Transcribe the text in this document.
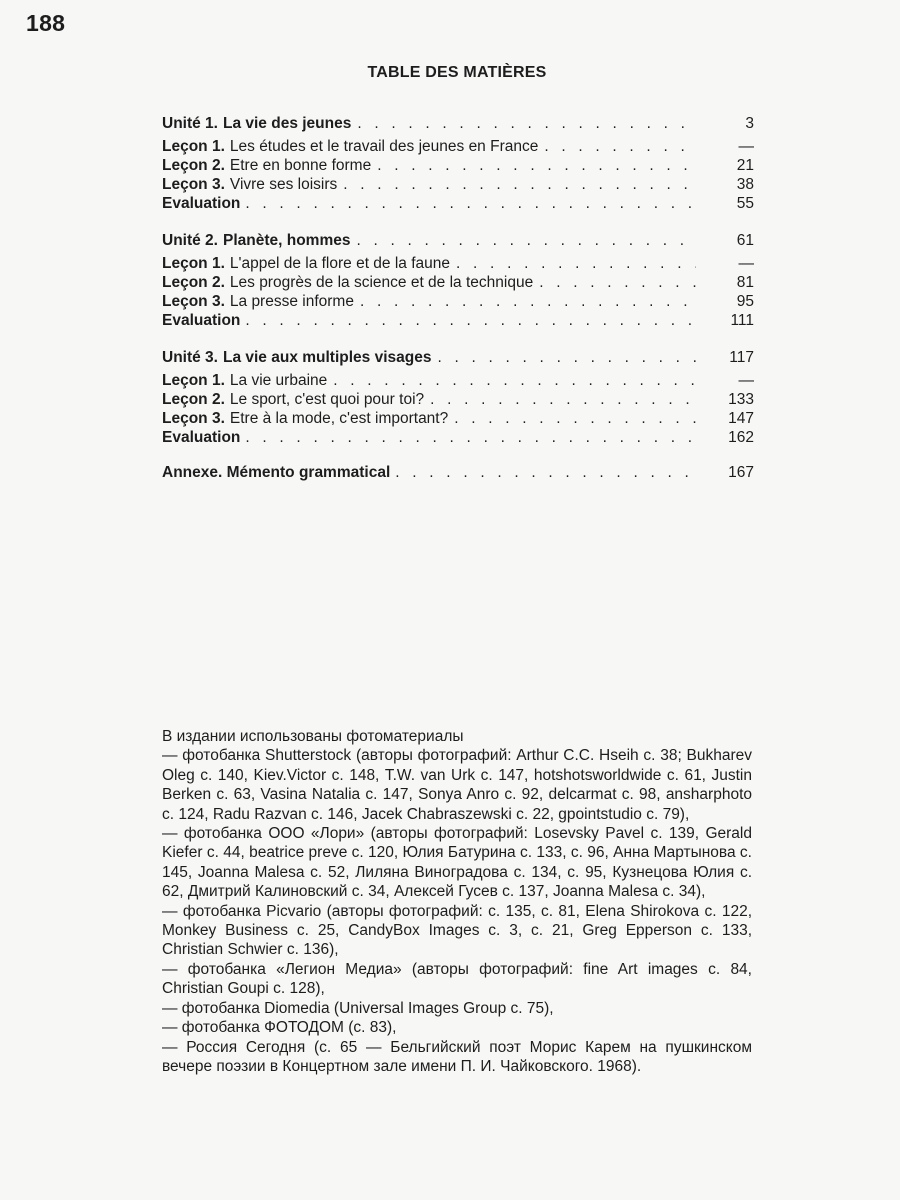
188
TABLE DES MATIÈRES
Unité 1. La vie des jeunes . . .	3
Leçon 1. Les études et le travail des jeunes en France . . .	—
Leçon 2. Etre en bonne forme . . .	21
Leçon 3. Vivre ses loisirs . . .	38
Evaluation . . .	55
Unité 2. Planète, hommes . . .	61
Leçon 1. L'appel de la flore et de la faune . . .	—
Leçon 2. Les progrès de la science et de la technique . . .	81
Leçon 3. La presse informe . . .	95
Evaluation . . .	111
Unité 3. La vie aux multiples visages . . .	117
Leçon 1. La vie urbaine . . .	—
Leçon 2. Le sport, c'est quoi pour toi? . . .	133
Leçon 3. Etre à la mode, c'est important? . . .	147
Evaluation . . .	162
Annexe. Mémento grammatical . . .	167

В издании использованы фотоматериалы

— фотобанка Shutterstock (авторы фотографий: Arthur C.C. Hseih с. 38; Bukharev Oleg с. 140, Kiev.Victor с. 148, T.W. van Urk с. 147, hotshotsworldwide с. 61, Justin Berken с. 63, Vasina Natalia с. 147, Sonya Anro с. 92, delcarmat с. 98, ansharphoto с. 124, Radu Razvan с. 146, Jacek Chabraszewski с. 22, gpointstudio с. 79),

— фотобанка ООО «Лори» (авторы фотографий: Losevsky Pavel с. 139, Gerald Kiefer с. 44, beatrice preve с. 120, Юлия Батурина с. 133, с. 96, Анна Мартынова с. 145, Joanna Malesa с. 52, Лиляна Виноградова с. 134, с. 95, Кузнецова Юлия с. 62, Дмитрий Калиновский с. 34, Алексей Гусев с. 137, Joanna Malesa с. 34),

— фотобанка Picvario (авторы фотографий: с. 135, с. 81, Elena Shirokova с. 122, Monkey Business с. 25, CandyBox Images с. 3, с. 21, Greg Epperson с. 133, Christian Schwier с. 136),

— фотобанка «Легион Медиа» (авторы фотографий: fine Art images с. 84, Christian Goupi с. 128),

— фотобанка Diomedia (Universal Images Group с. 75),

— фотобанка ФОТОДОМ (с. 83),

— Россия Сегодня (с. 65 — Бельгийский поэт Морис Карем на пушкинском вечере поэзии в Концертном зале имени П. И. Чайковского. 1968).
